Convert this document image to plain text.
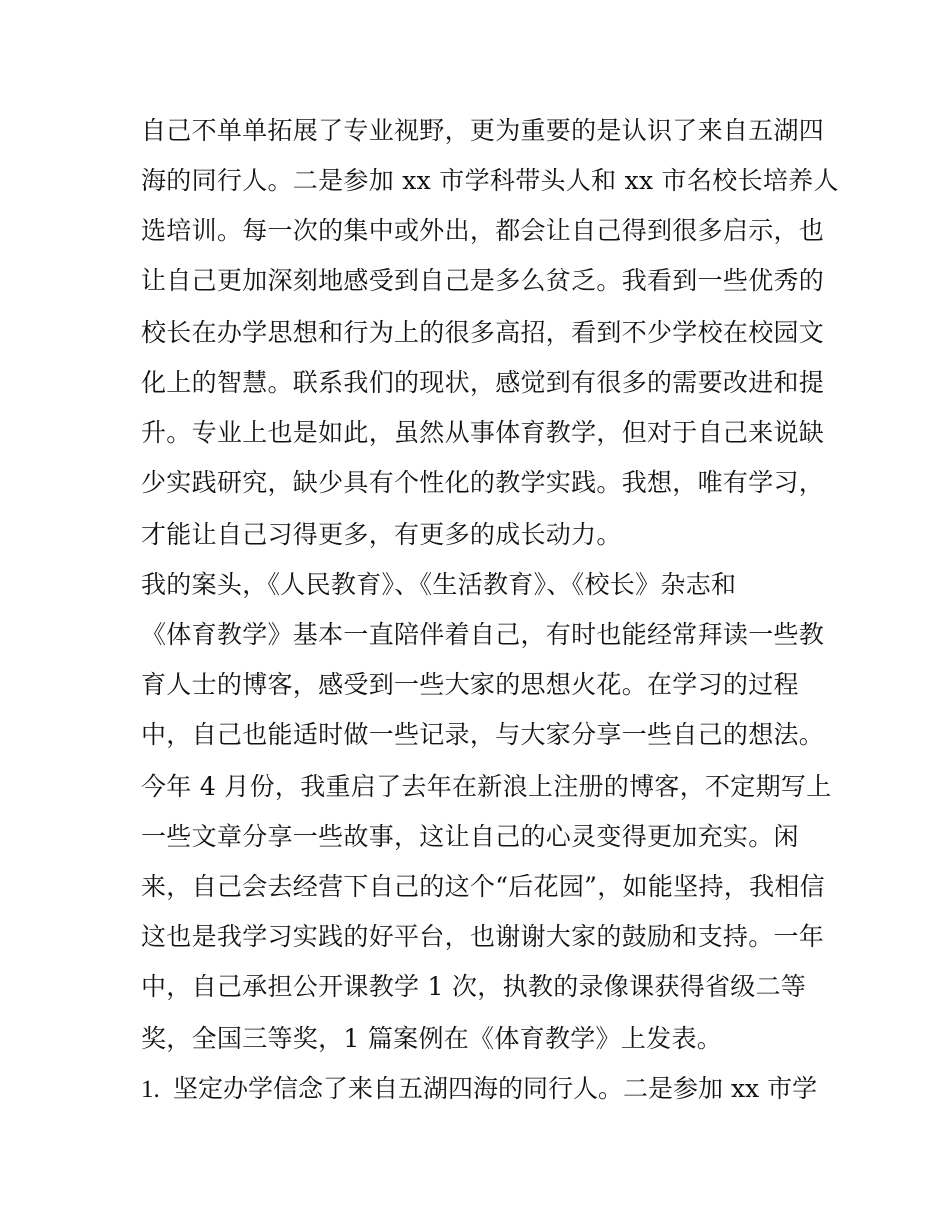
自己不单单拓展了专业视野，更为重要的是认识了来自五湖四
海的同行人。二是参加 xx 市学科带头人和 xx 市名校长培养人
选培训。每一次的集中或外出，都会让自己得到很多启示，也
让自己更加深刻地感受到自己是多么贫乏。我看到一些优秀的
校长在办学思想和行为上的很多高招，看到不少学校在校园文
化上的智慧。联系我们的现状，感觉到有很多的需要改进和提
升。专业上也是如此，虽然从事体育教学，但对于自己来说缺
少实践研究，缺少具有个性化的教学实践。我想，唯有学习，
才能让自己习得更多，有更多的成长动力。
我的案头，《人民教育》、《生活教育》、《校长》杂志和
《体育教学》基本一直陪伴着自己，有时也能经常拜读一些教
育人士的博客，感受到一些大家的思想火花。在学习的过程
中，自己也能适时做一些记录，与大家分享一些自己的想法。
今年 4 月份，我重启了去年在新浪上注册的博客，不定期写上
一些文章分享一些故事，这让自己的心灵变得更加充实。闲
来，自己会去经营下自己的这个“后花园”，如能坚持，我相信
这也是我学习实践的好平台，也谢谢大家的鼓励和支持。一年
中，自己承担公开课教学 1 次，执教的录像课获得省级二等
奖，全国三等奖，1 篇案例在《体育教学》上发表。
1. 坚定办学信念了来自五湖四海的同行人。二是参加 xx 市学
